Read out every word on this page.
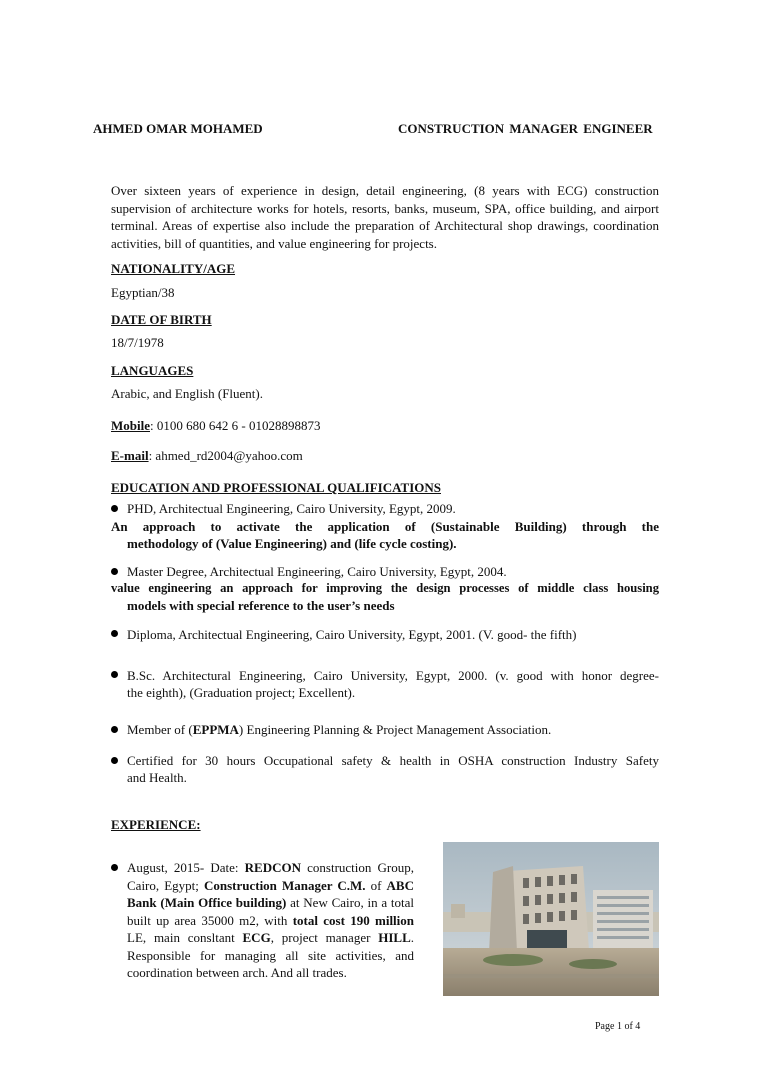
AHMED OMAR MOHAMED	CONSTRUCTION MANAGER ENGINEER
Over sixteen years of experience in design, detail engineering, (8 years with ECG) construction supervision of architecture works for hotels, resorts, banks, museum, SPA, office building, and airport terminal. Areas of expertise also include the preparation of Architectural shop drawings, coordination activities, bill of quantities, and value engineering for projects.
NATIONALITY/AGE
Egyptian/38
DATE OF BIRTH
18/7/1978
LANGUAGES
Arabic, and English (Fluent).
Mobile: 0100 680 642 6 - 01028898873
E-mail: ahmed_rd2004@yahoo.com
EDUCATION AND PROFESSIONAL QUALIFICATIONS
PHD, Architectual Engineering, Cairo University, Egypt, 2009.
An approach to activate the application of (Sustainable Building) through the
methodology of (Value Engineering) and (life cycle costing).
Master Degree, Architectual Engineering, Cairo University, Egypt, 2004.
value engineering an approach for improving the design processes of middle class housing
models with special reference to the user’s needs
Diploma, Architectual Engineering, Cairo University, Egypt, 2001. (V. good- the fifth)
B.Sc. Architectural Engineering, Cairo University, Egypt, 2000. (v. good with honor degree-
the eighth), (Graduation project; Excellent).
Member of (EPPMA) Engineering Planning & Project Management Association.
Certified for 30 hours Occupational safety & health in OSHA construction Industry Safety
and Health.
EXPERIENCE:
August, 2015- Date: REDCON construction Group, Cairo, Egypt; Construction Manager C.M. of ABC Bank (Main Office building) at New Cairo, in a total built up area 35000 m2, with total cost 190 million LE, main consltant ECG, project manager HILL. Responsible for managing all site activities, and coordination between arch. And all trades.
Page 1 of 4
